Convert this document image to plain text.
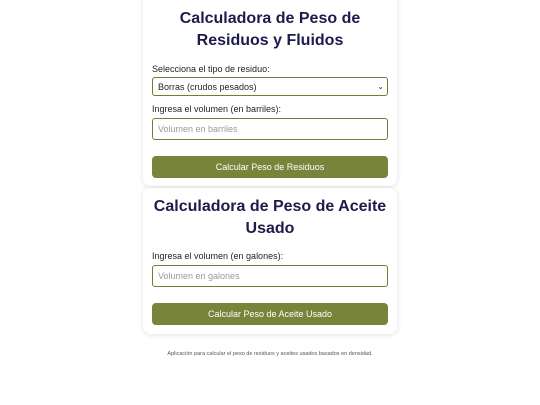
Calculadora de Peso de Residuos y Fluidos
Selecciona el tipo de residuo:
Borras (crudos pesados)	⌄
Ingresa el volumen (en barriles):
Volumen en barriles
Calcular Peso de Residuos
Calculadora de Peso de Aceite Usado
Ingresa el volumen (en galones):
Volumen en galones
Calcular Peso de Aceite Usado
Aplicación para calcular el peso de residuos y aceites usados basados en densidad.
